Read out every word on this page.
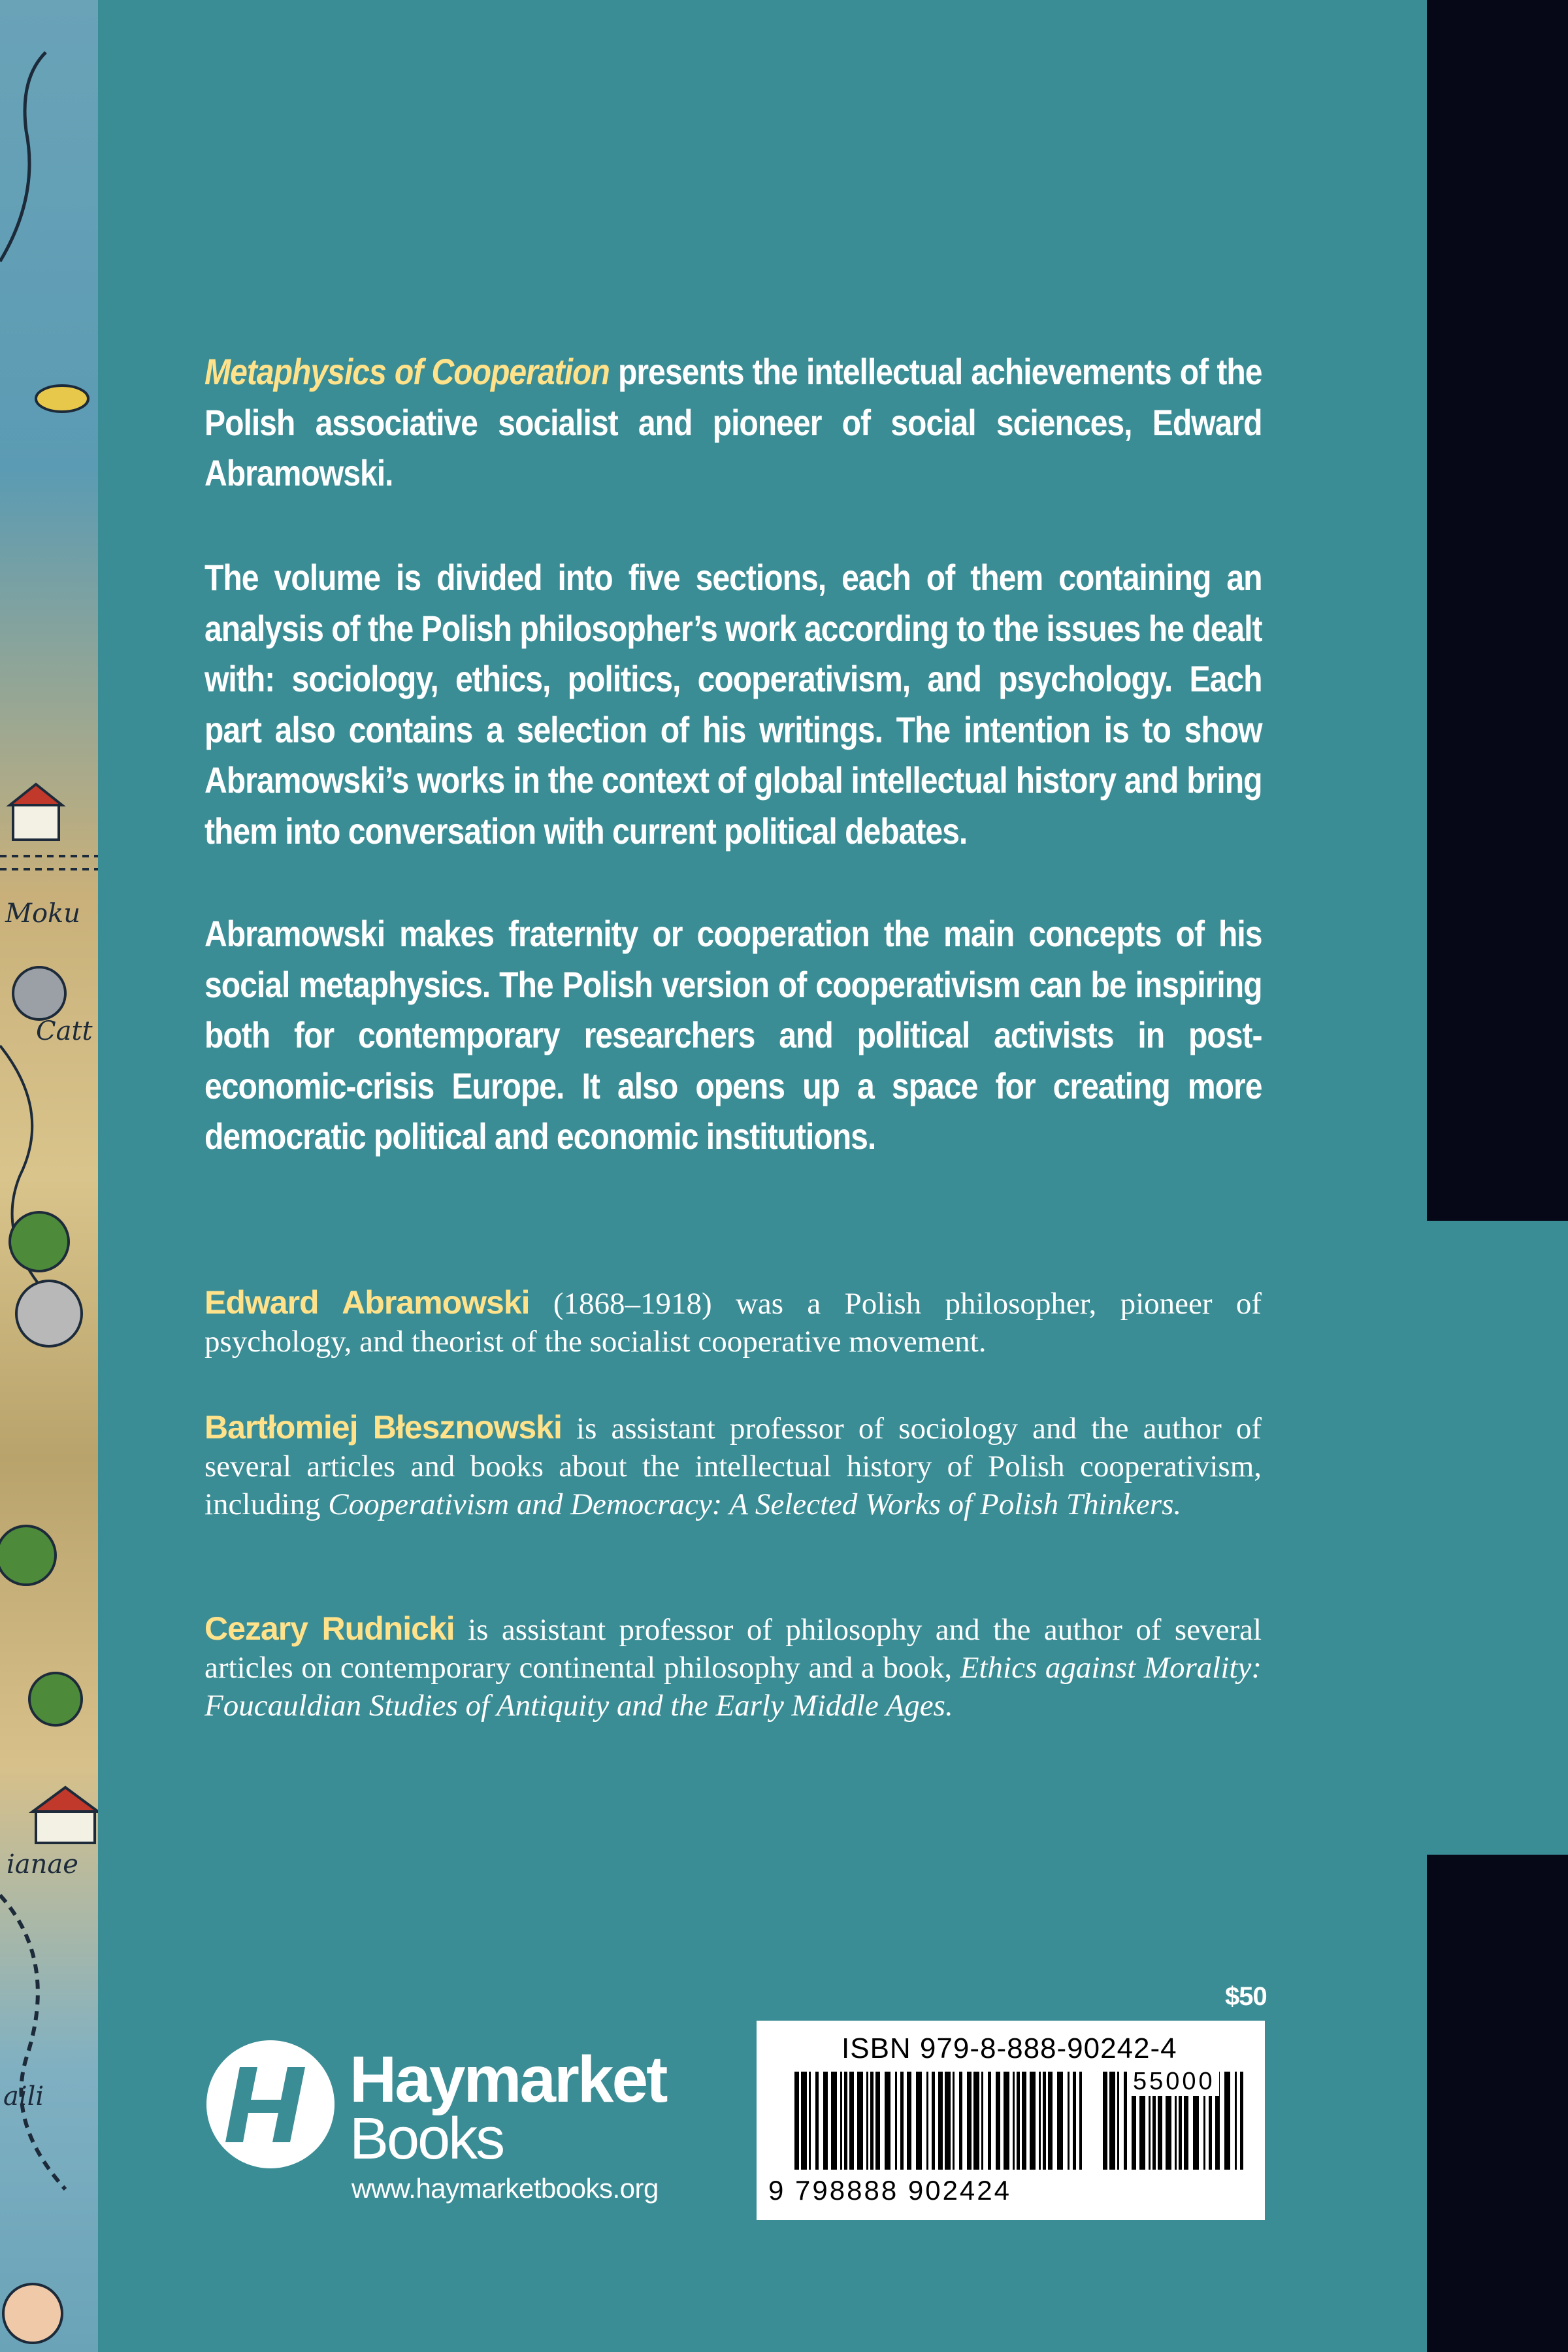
Moku
Catt
ianae
aili

Metaphysics of Cooperation presents the intellectual achievements of the Polish associative socialist and pioneer of social sciences, Edward Abramowski.

The volume is divided into five sections, each of them containing an analysis of the Polish philosopher’s work according to the issues he dealt with: sociology, ethics, politics, cooperativism, and psychology. Each part also contains a selection of his writings. The intention is to show Abramowski’s works in the context of global intellectual history and bring them into conversation with current political debates.

Abramowski makes fraternity or cooperation the main concepts of his social metaphysics. The Polish version of cooperativism can be inspiring both for contemporary researchers and political activists in post-economic-crisis Europe. It also opens up a space for creating more democratic political and economic institutions.

Edward Abramowski (1868–1918) was a Polish philosopher, pioneer of psychology, and theorist of the socialist cooperative movement.

Bartłomiej Błesznowski is assistant professor of sociology and the author of several articles and books about the intellectual history of Polish cooperativism, including Cooperativism and Democracy: A Selected Works of Polish Thinkers.

Cezary Rudnicki is assistant professor of philosophy and the author of several articles on contemporary continental philosophy and a book, Ethics against Morality: Foucauldian Studies of Antiquity and the Early Middle Ages.

$50
ISBN 979-8-888-90242-4
55000
9 798888 902424
Haymarket
Books
www.haymarketbooks.org
